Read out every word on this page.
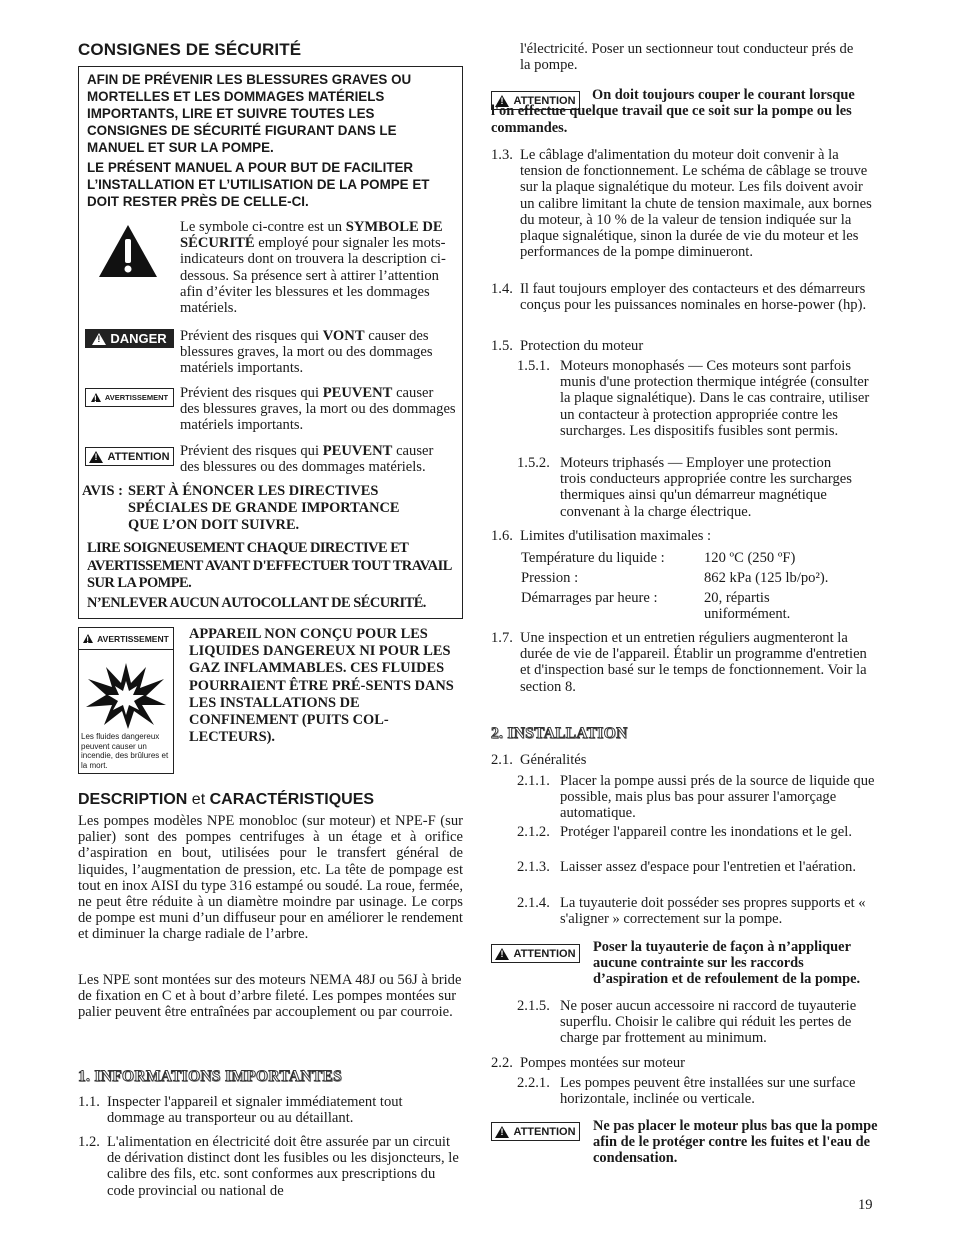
CONSIGNES DE SÉCURITÉ
AFIN DE PRÉVENIR LES BLESSURES GRAVES OU MORTELLES ET LES DOMMAGES MATÉRIELS IMPORTANTS, LIRE ET SUIVRE TOUTES LES CONSIGNES DE SÉCURITÉ FIGURANT DANS LE MANUEL ET SUR LA POMPE.
LE PRÉSENT MANUEL A POUR BUT DE FACILITER L’INSTALLATION ET L’UTILISATION DE LA POMPE ET DOIT RESTER PRÈS DE CELLE-CI.
Le symbole ci-contre est un SYMBOLE DE SÉCURITÉ employé pour signaler les mots-indicateurs dont on trouvera la description ci-dessous. Sa présence sert à attirer l’attention afin d’éviter les blessures et les dommages matériels.
!
DANGER Prévient des risques qui VONT causer des blessures graves, la mort ou des dommages matériels importants.
!
AVERTISSEMENT Prévient des risques qui PEUVENT causer des blessures graves, la mort ou des dommages matériels importants.
!
ATTENTION Prévient des risques qui PEUVENT causer des blessures ou des dommages matériels.
AVIS : SERT À ÉNONCER LES DIRECTIVES SPÉCIALES DE GRANDE IMPORTANCE QUE L’ON DOIT SUIVRE.
LIRE SOIGNEUSEMENT CHAQUE DIRECTIVE ET AVERTISSEMENT AVANT D'EFFECTUER TOUT TRAVAIL SUR LA POMPE.
N’ENLEVER AUCUN AUTOCOLLANT DE SÉCURITÉ.
!
AVERTISSEMENT
Les fluides dangereux peuvent causer un incendie, des brûlures et la mort.
APPAREIL NON CONÇU POUR LES LIQUIDES DANGEREUX NI POUR LES GAZ INFLAMMABLES. CES FLUIDES POURRAIENT ÊTRE PRÉ-SENTS DANS LES INSTALLATIONS DE CONFINEMENT (PUITS COL-LECTEURS).
DESCRIPTION et CARACTÉRISTIQUES
Les pompes modèles NPE monobloc (sur moteur) et NPE-F (sur palier) sont des pompes centrifuges à un étage et à orifice d’aspiration en bout, utilisées pour le transfert général de liquides, l’augmentation de pression, etc. La tête de pompage est tout en inox AISI du type 316 estampé ou soudé. La roue, fermée, ne peut être réduite à un diamètre moindre par usinage. Le corps de pompe est muni d’un diffuseur pour en améliorer le rendement et diminuer la charge radiale de l’arbre.
Les NPE sont montées sur des moteurs NEMA 48J ou 56J à bride de fixation en C et à bout d’arbre fileté. Les pompes montées sur palier peuvent être entraînées par accouplement ou par courroie.
1. INFORMATIONS IMPORTANTES
1.1. Inspecter l'appareil et signaler immédiatement tout dommage au transporteur ou au détaillant.
1.2. L'alimentation en électricité doit être assurée par un circuit de dérivation distinct dont les fusibles ou les disjoncteurs, le calibre des fils, etc. sont conformes aux prescriptions du code provincial ou national de
l'électricité. Poser un sectionneur tout conducteur prés de la pompe.
!
ATTENTION	On doit toujours couper le courant lorsque l'on effectue quelque travail que ce soit sur la pompe ou les commandes.
1.3. Le câblage d'alimentation du moteur doit convenir à la tension de fonctionnement. Le schéma de câblage se trouve sur la plaque signalétique du moteur. Les fils doivent avoir un calibre limitant la chute de tension maximale, aux bornes du moteur, à 10 % de la valeur de tension indiquée sur la plaque signalétique, sinon la durée de vie du moteur et les performances de la pompe diminueront.
1.4. Il faut toujours employer des contacteurs et des démarreurs conçus pour les puissances nominales en horse-power (hp).
1.5. Protection du moteur
1.5.1. Moteurs monophasés — Ces moteurs sont parfois munis d'une protection thermique intégrée (consulter la plaque signalétique). Dans le cas contraire, utiliser un contacteur à protection appropriée contre les surcharges. Les dispositifs fusibles sont permis.
1.5.2. Moteurs triphasés — Employer une protection trois conducteurs appropriée contre les surcharges thermiques ainsi qu'un démarreur magnétique convenant à la charge électrique.
1.6. Limites d'utilisation maximales :
Température du liquide :	120 ºC (250 ºF)
Pression :	862 kPa (125 lb/po²).
Démarrages par heure :	20, répartis uniformément.
1.7. Une inspection et un entretien réguliers augmenteront la durée de vie de l'appareil. Établir un programme d'entretien et d'inspection basé sur le temps de fonctionnement. Voir la section 8.
2. INSTALLATION
2.1. Généralités
2.1.1. Placer la pompe aussi prés de la source de liquide que possible, mais plus bas pour assurer l'amorçage automatique.
2.1.2. Protéger l'appareil contre les inondations et le gel.
2.1.3. Laisser assez d'espace pour l'entretien et l'aération.
2.1.4. La tuyauterie doit posséder ses propres supports et « s'aligner » correctement sur la pompe.
!
ATTENTION Poser la tuyauterie de façon à n’appliquer aucune contrainte sur les raccords d’aspiration et de refoulement de la pompe.
2.1.5. Ne poser aucun accessoire ni raccord de tuyauterie superflu. Choisir le calibre qui réduit les pertes de charge par frottement au minimum.
2.2. Pompes montées sur moteur
2.2.1. Les pompes peuvent être installées sur une surface horizontale, inclinée ou verticale.
!
ATTENTION Ne pas placer le moteur plus bas que la pompe afin de le protéger contre les fuites et l'eau de condensation.
19
